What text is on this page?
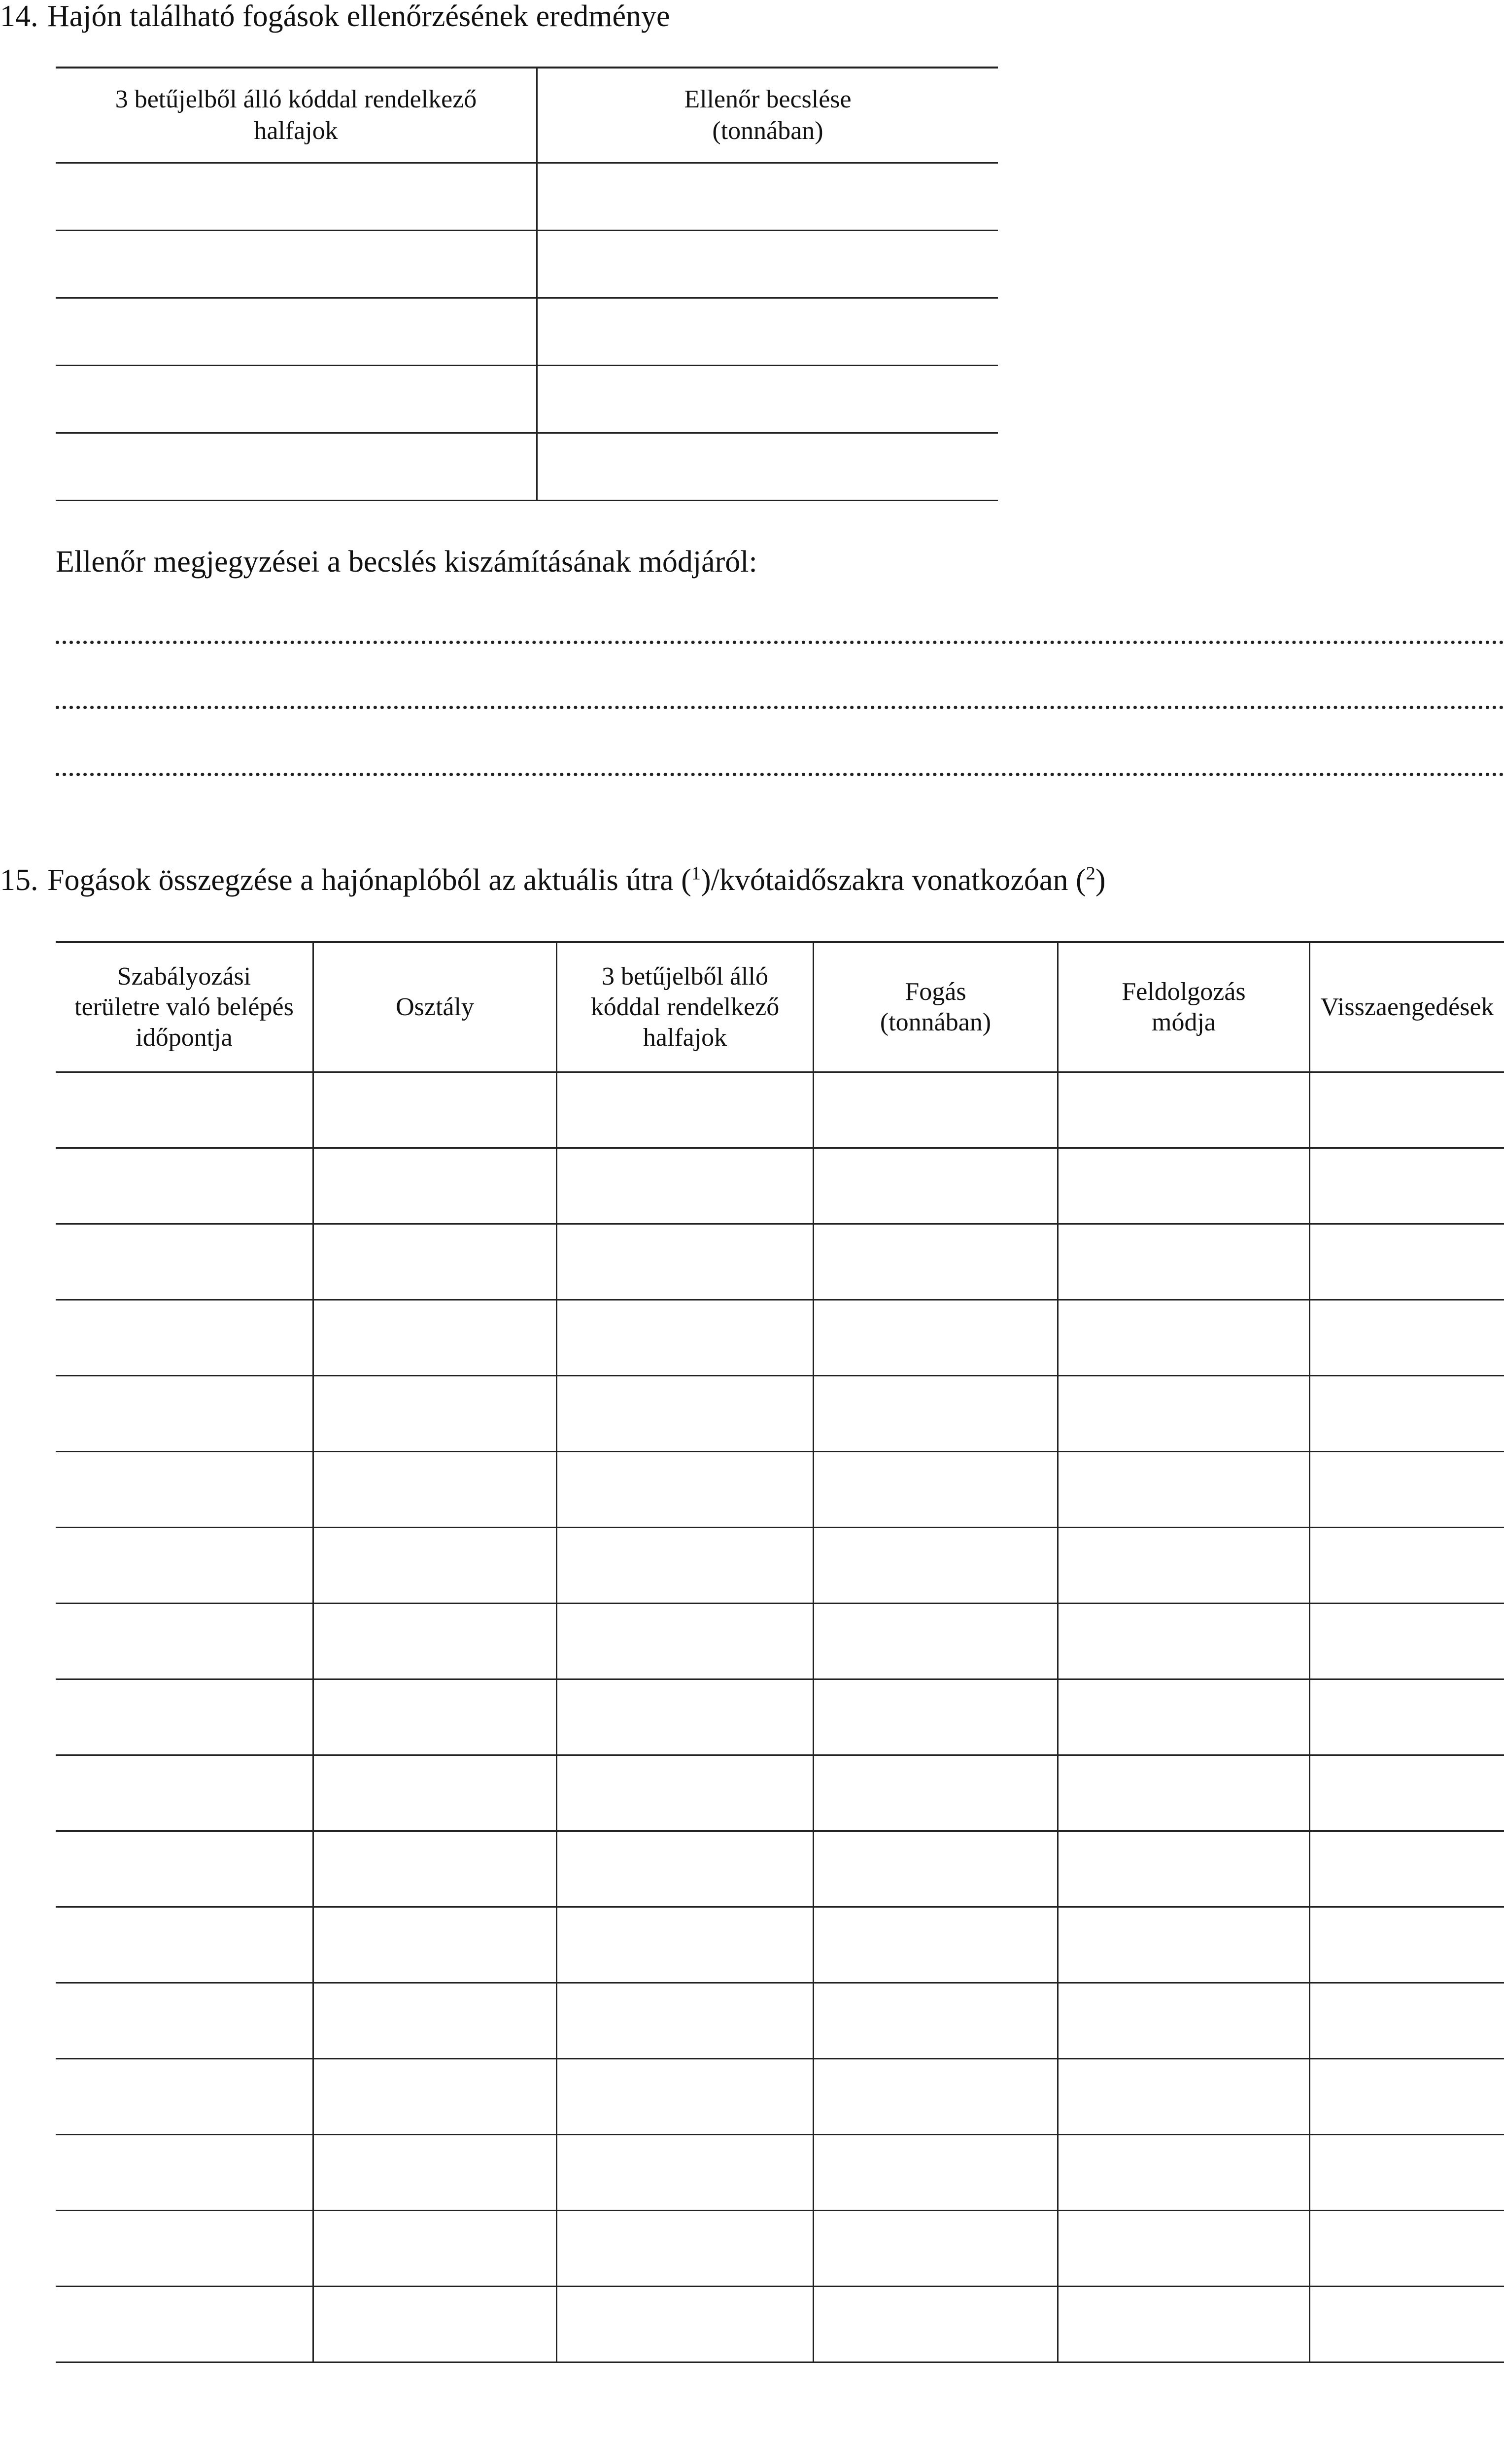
14. Hajón található fogások ellenőrzésének eredménye
3 betűjelből álló kóddal rendelkező
halfajok	Ellenőr becslése
(tonnában)

Ellenőr megjegyzései a becslés kiszámításának módjáról:
15. Fogások összegzése a hajónaplóból az aktuális útra ($^1$)/kvótaidőszakra vonatkozóan ($^2$)
Szabályozási
területre való belépés
időpontja	Osztály	3 betűjelből álló
kóddal rendelkező
halfajok	Fogás
(tonnában)	Feldolgozás
módja	Visszaengedések
